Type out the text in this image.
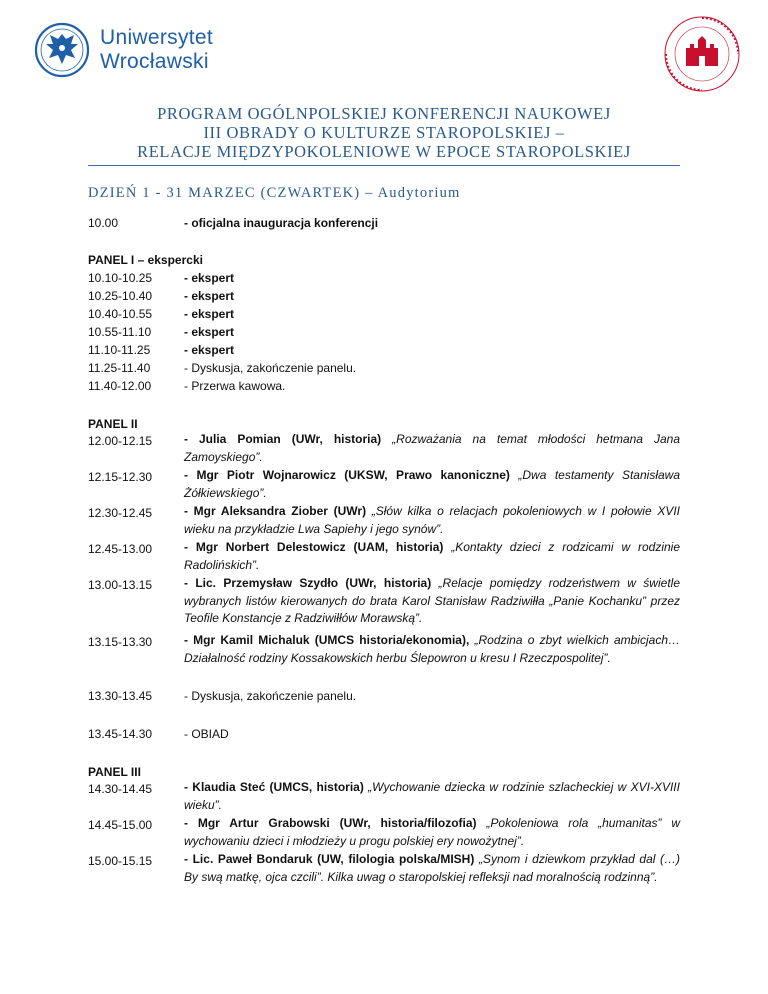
Uniwersytet
Wrocławski
PROGRAM OGÓLNPOLSKIEJ KONFERENCJI NAUKOWEJ
III OBRADY O KULTURZE STAROPOLSKIEJ –
RELACJE MIĘDZYPOKOLENIOWE W EPOCE STAROPOLSKIEJ
DZIEŃ 1 - 31 MARZEC (CZWARTEK) – Audytorium
10.00	- oficjalna inauguracja konferencji
PANEL I – ekspercki
10.10-10.25	- ekspert
10.25-10.40	- ekspert
10.40-10.55	- ekspert
10.55-11.10	- ekspert
11.10-11.25	- ekspert
11.25-11.40	- Dyskusja, zakończenie panelu.
11.40-12.00	- Przerwa kawowa.
PANEL II
12.00-12.15	- Julia Pomian (UWr, historia) „Rozważania na temat młodości hetmana Jana Zamoyskiego”.
12.15-12.30	- Mgr Piotr Wojnarowicz (UKSW, Prawo kanoniczne) „Dwa testamenty Stanisława Żółkiewskiego”.
12.30-12.45	- Mgr Aleksandra Ziober (UWr) „Słów kilka o relacjach pokoleniowych w I połowie XVII wieku na przykładzie Lwa Sapiehy i jego synów”.
12.45-13.00	- Mgr Norbert Delestowicz (UAM, historia) „Kontakty dzieci z rodzicami w rodzinie Radolińskich”.
13.00-13.15	- Lic. Przemysław Szydło (UWr, historia) „Relacje pomiędzy rodzeństwem w świetle wybranych listów kierowanych do brata Karol Stanisław Radziwiłła „Panie Kochanku” przez Teofile Konstancje z Radziwiłłów Morawską”.
13.15-13.30	- Mgr Kamil Michaluk (UMCS historia/ekonomia), „Rodzina o zbyt wielkich ambicjach… Działalność rodziny Kossakowskich herbu Ślepowron u kresu I Rzeczpospolitej”.
13.30-13.45	- Dyskusja, zakończenie panelu.
13.45-14.30	- OBIAD
PANEL III
14.30-14.45	- Klaudia Steć (UMCS, historia) „Wychowanie dziecka w rodzinie szlacheckiej w XVI-XVIII wieku”.
14.45-15.00	- Mgr Artur Grabowski (UWr, historia/filozofia) „Pokoleniowa rola „humanitas” w wychowaniu dzieci i młodzieży u progu polskiej ery nowożytnej”.
15.00-15.15	- Lic. Paweł Bondaruk (UW, filologia polska/MISH) „Synom i dziewkom przykład dal (…) By swą matkę, ojca czcili”. Kilka uwag o staropolskiej refleksji nad moralnością rodzinną”.
